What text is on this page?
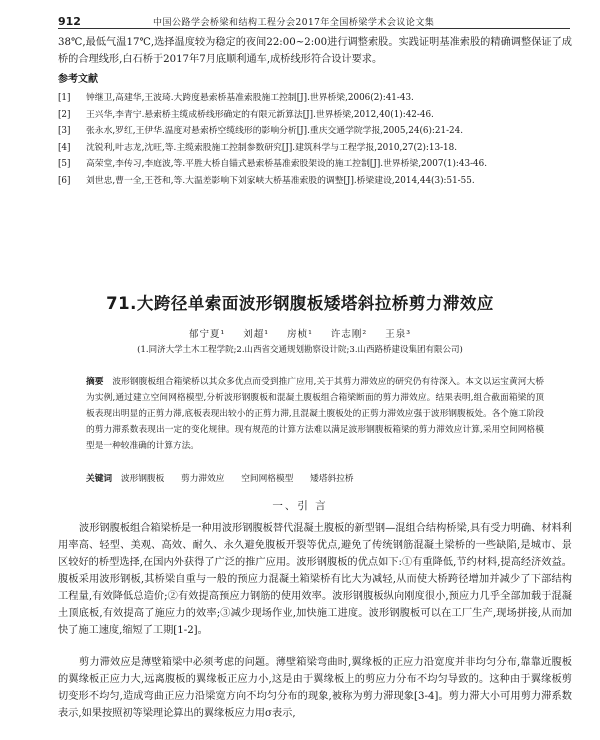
912	中国公路学会桥梁和结构工程分会2017年全国桥梁学术会议论文集

38℃,最低气温17℃,选择温度较为稳定的夜间22:00~2:00进行调整索股。实践证明基准索股的精确调整保证了成桥的合理线形,白石桥于2017年7月底顺利通车,成桥线形符合设计要求。

参考文献
[1] 钟继卫,高建华,王波琦.大跨度悬索桥基准索股施工控制[J].世界桥梁,2006(2):41-43.
[2] 王兴华,李青宁.悬索桥主缆成桥线形确定的有限元新算法[J].世界桥梁,2012,40(1):42-46.
[3] 张永水,罗红,王伊华.温度对悬索桥空缆线形的影响分析[J].重庆交通学院学报,2005,24(6):21-24.
[4] 沈锐利,叶志龙,沈旺,等.主缆索股施工控制参数研究[J].建筑科学与工程学报,2010,27(2):13-18.
[5] 高荣堂,李传习,李庭波,等.平胜大桥自锚式悬索桥基准索股架设的施工控制[J].世界桥梁,2007(1):43-46.
[6] 刘世忠,曹一全,王苍和,等.大温差影响下刘家峡大桥基准索股的调整[J].桥梁建设,2014,44(3):51-55.
71.大跨径单索面波形钢腹板矮塔斜拉桥剪力滞效应
郁宁夏¹ 刘超¹ 房桢¹ 许志刚² 王泉³
(1.同济大学土木工程学院;2.山西省交通规划勘察设计院;3.山西路桥建设集团有限公司)
摘要 波形钢腹板组合箱梁桥以其众多优点而受到推广应用,关于其剪力滞效应的研究仍有待深入。本文以运宝黄河大桥为实例,通过建立空间网格模型,分析波形钢腹板和混凝土腹板组合箱梁断面的剪力滞效应。结果表明,组合截面箱梁的顶板表现出明显的正剪力滞,底板表现出较小的正剪力滞,且混凝土腹板处的正剪力滞效应强于波形钢腹板处。各个施工阶段的剪力滞系数表现出一定的变化规律。现有规范的计算方法难以满足波形钢腹板箱梁的剪力滞效应计算,采用空间网格模型是一种较准确的计算方法。
关键词 波形钢腹板 剪力滞效应 空间网格模型 矮塔斜拉桥
一、引 言

波形钢腹板组合箱梁桥是一种用波形钢腹板替代混凝土腹板的新型钢—混组合结构桥梁,具有受力明确、材料利用率高、轻型、美观、高效、耐久、永久避免腹板开裂等优点,避免了传统钢筋混凝土梁桥的一些缺陷,是城市、景区较好的桥型选择,在国内外获得了广泛的推广应用。波形钢腹板的优点如下:①有重降低,节约材料,提高经济效益。腹板采用波形钢板,其桥梁自重与一般的预应力混凝土箱梁桥有比大为减轻,从而使大桥跨径增加并减少了下部结构工程量,有效降低总造价;②有效提高预应力钢筋的使用效率。波形钢腹板纵向刚度很小,预应力几乎全部加载于混凝土顶底板,有效提高了施应力的效率;③减少现场作业,加快施工进度。波形钢腹板可以在工厂生产,现场拼接,从而加快了施工速度,缩短了工期[1-2]。

剪力滞效应是薄壁箱梁中必须考虑的问题。薄壁箱梁弯曲时,翼缘板的正应力沿宽度并非均匀分布,靠靠近腹板的翼缘板正应力大,远离腹板的翼缘板正应力小,这是由于翼缘板上的剪应力分布不均匀导致的。这种由于翼缘板剪切变形不均匀,造成弯曲正应力沿梁宽方向不均匀分布的现象,被称为剪力滞现象[3-4]。剪力滞大小可用剪力滞系数表示,如果按照初等梁理论算出的翼缘板应力用σ表示,
